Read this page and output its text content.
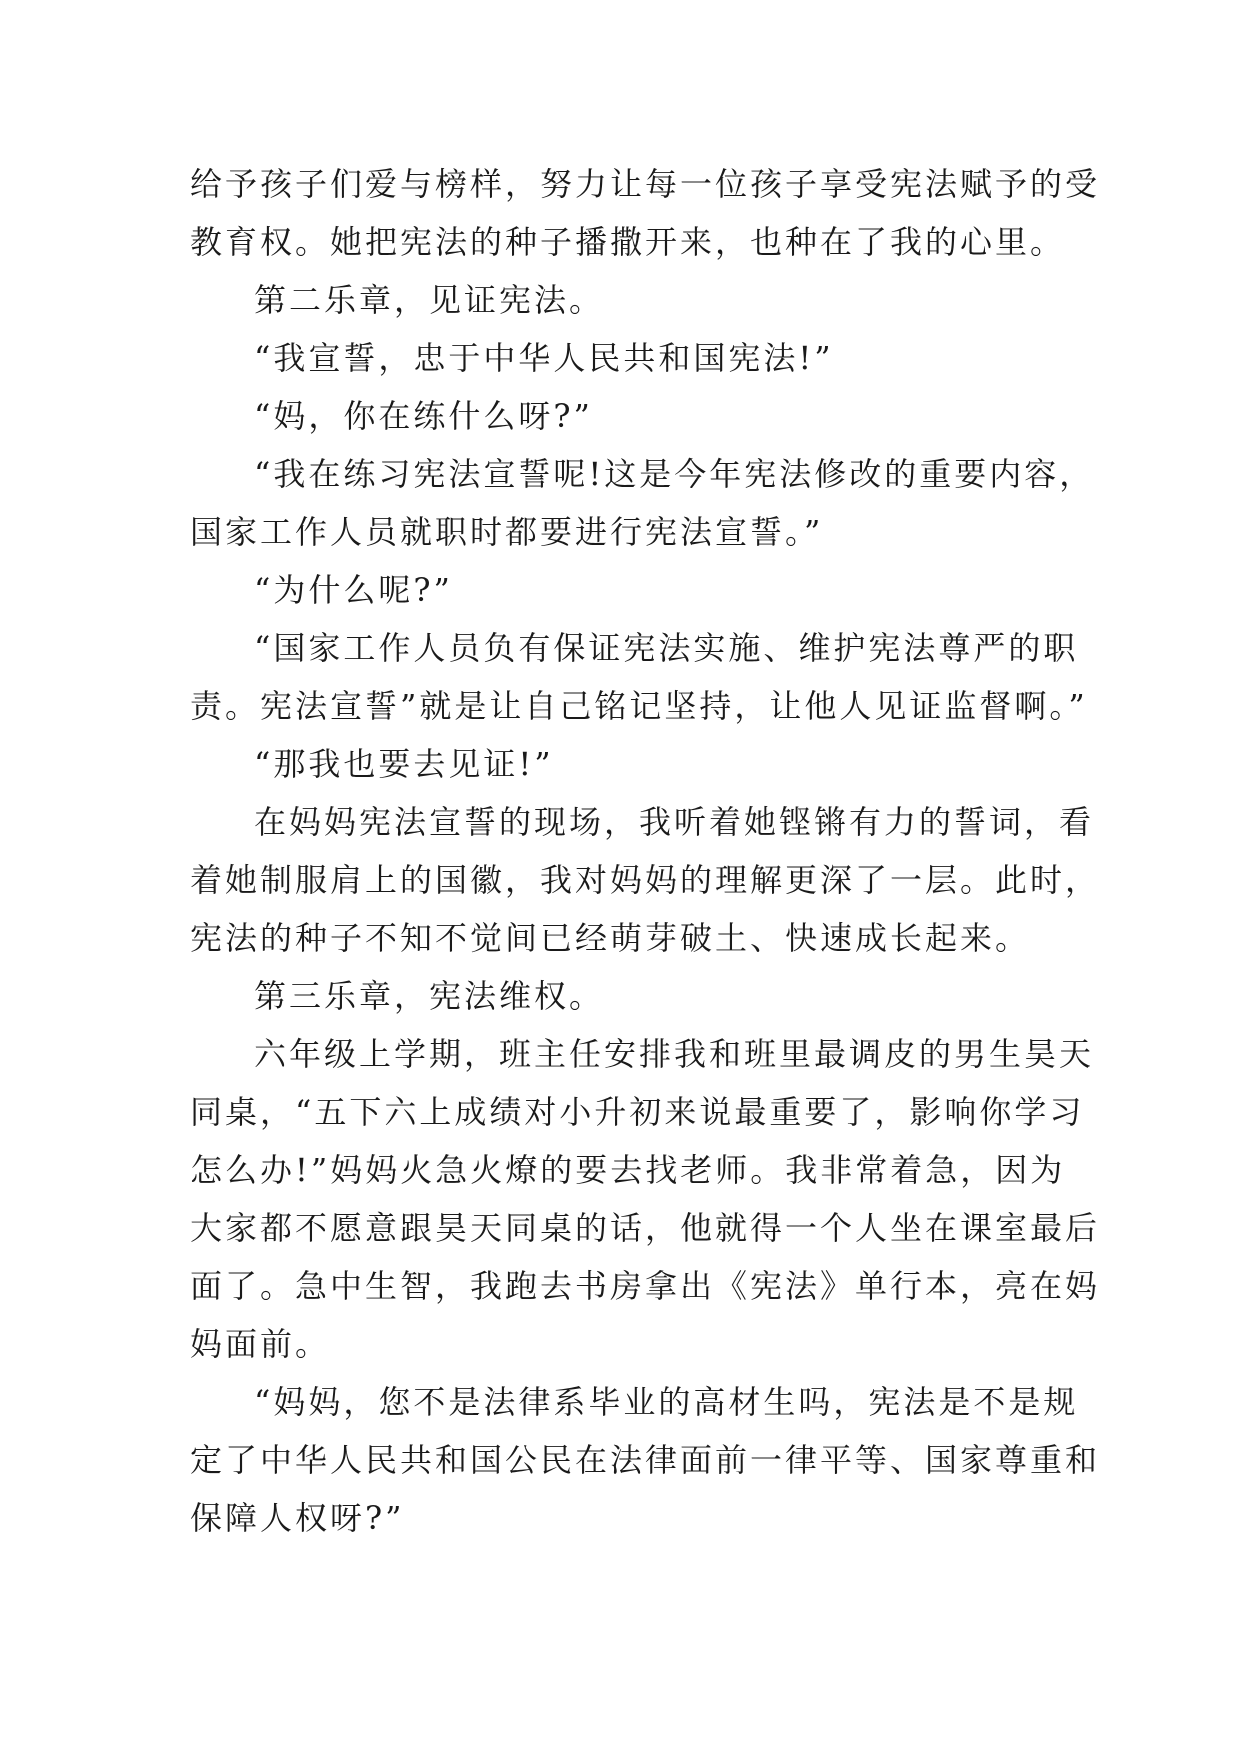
给予孩子们爱与榜样，努力让每一位孩子享受宪法赋予的受

教育权。她把宪法的种子播撒开来，也种在了我的心里。

第二乐章，见证宪法。

“我宣誓，忠于中华人民共和国宪法!”

“妈，你在练什么呀?”

“我在练习宪法宣誓呢!这是今年宪法修改的重要内容，

国家工作人员就职时都要进行宪法宣誓。”

“为什么呢?”

“国家工作人员负有保证宪法实施、维护宪法尊严的职

责。宪法宣誓”就是让自己铭记坚持，让他人见证监督啊。”

“那我也要去见证!”

在妈妈宪法宣誓的现场，我听着她铿锵有力的誓词，看

着她制服肩上的国徽，我对妈妈的理解更深了一层。此时，

宪法的种子不知不觉间已经萌芽破土、快速成长起来。

第三乐章，宪法维权。

六年级上学期，班主任安排我和班里最调皮的男生昊天

同桌，“五下六上成绩对小升初来说最重要了，影响你学习

怎么办!”妈妈火急火燎的要去找老师。我非常着急，因为

大家都不愿意跟昊天同桌的话，他就得一个人坐在课室最后

面了。急中生智，我跑去书房拿出《宪法》单行本，亮在妈

妈面前。

“妈妈，您不是法律系毕业的高材生吗，宪法是不是规

定了中华人民共和国公民在法律面前一律平等、国家尊重和

保障人权呀?”
